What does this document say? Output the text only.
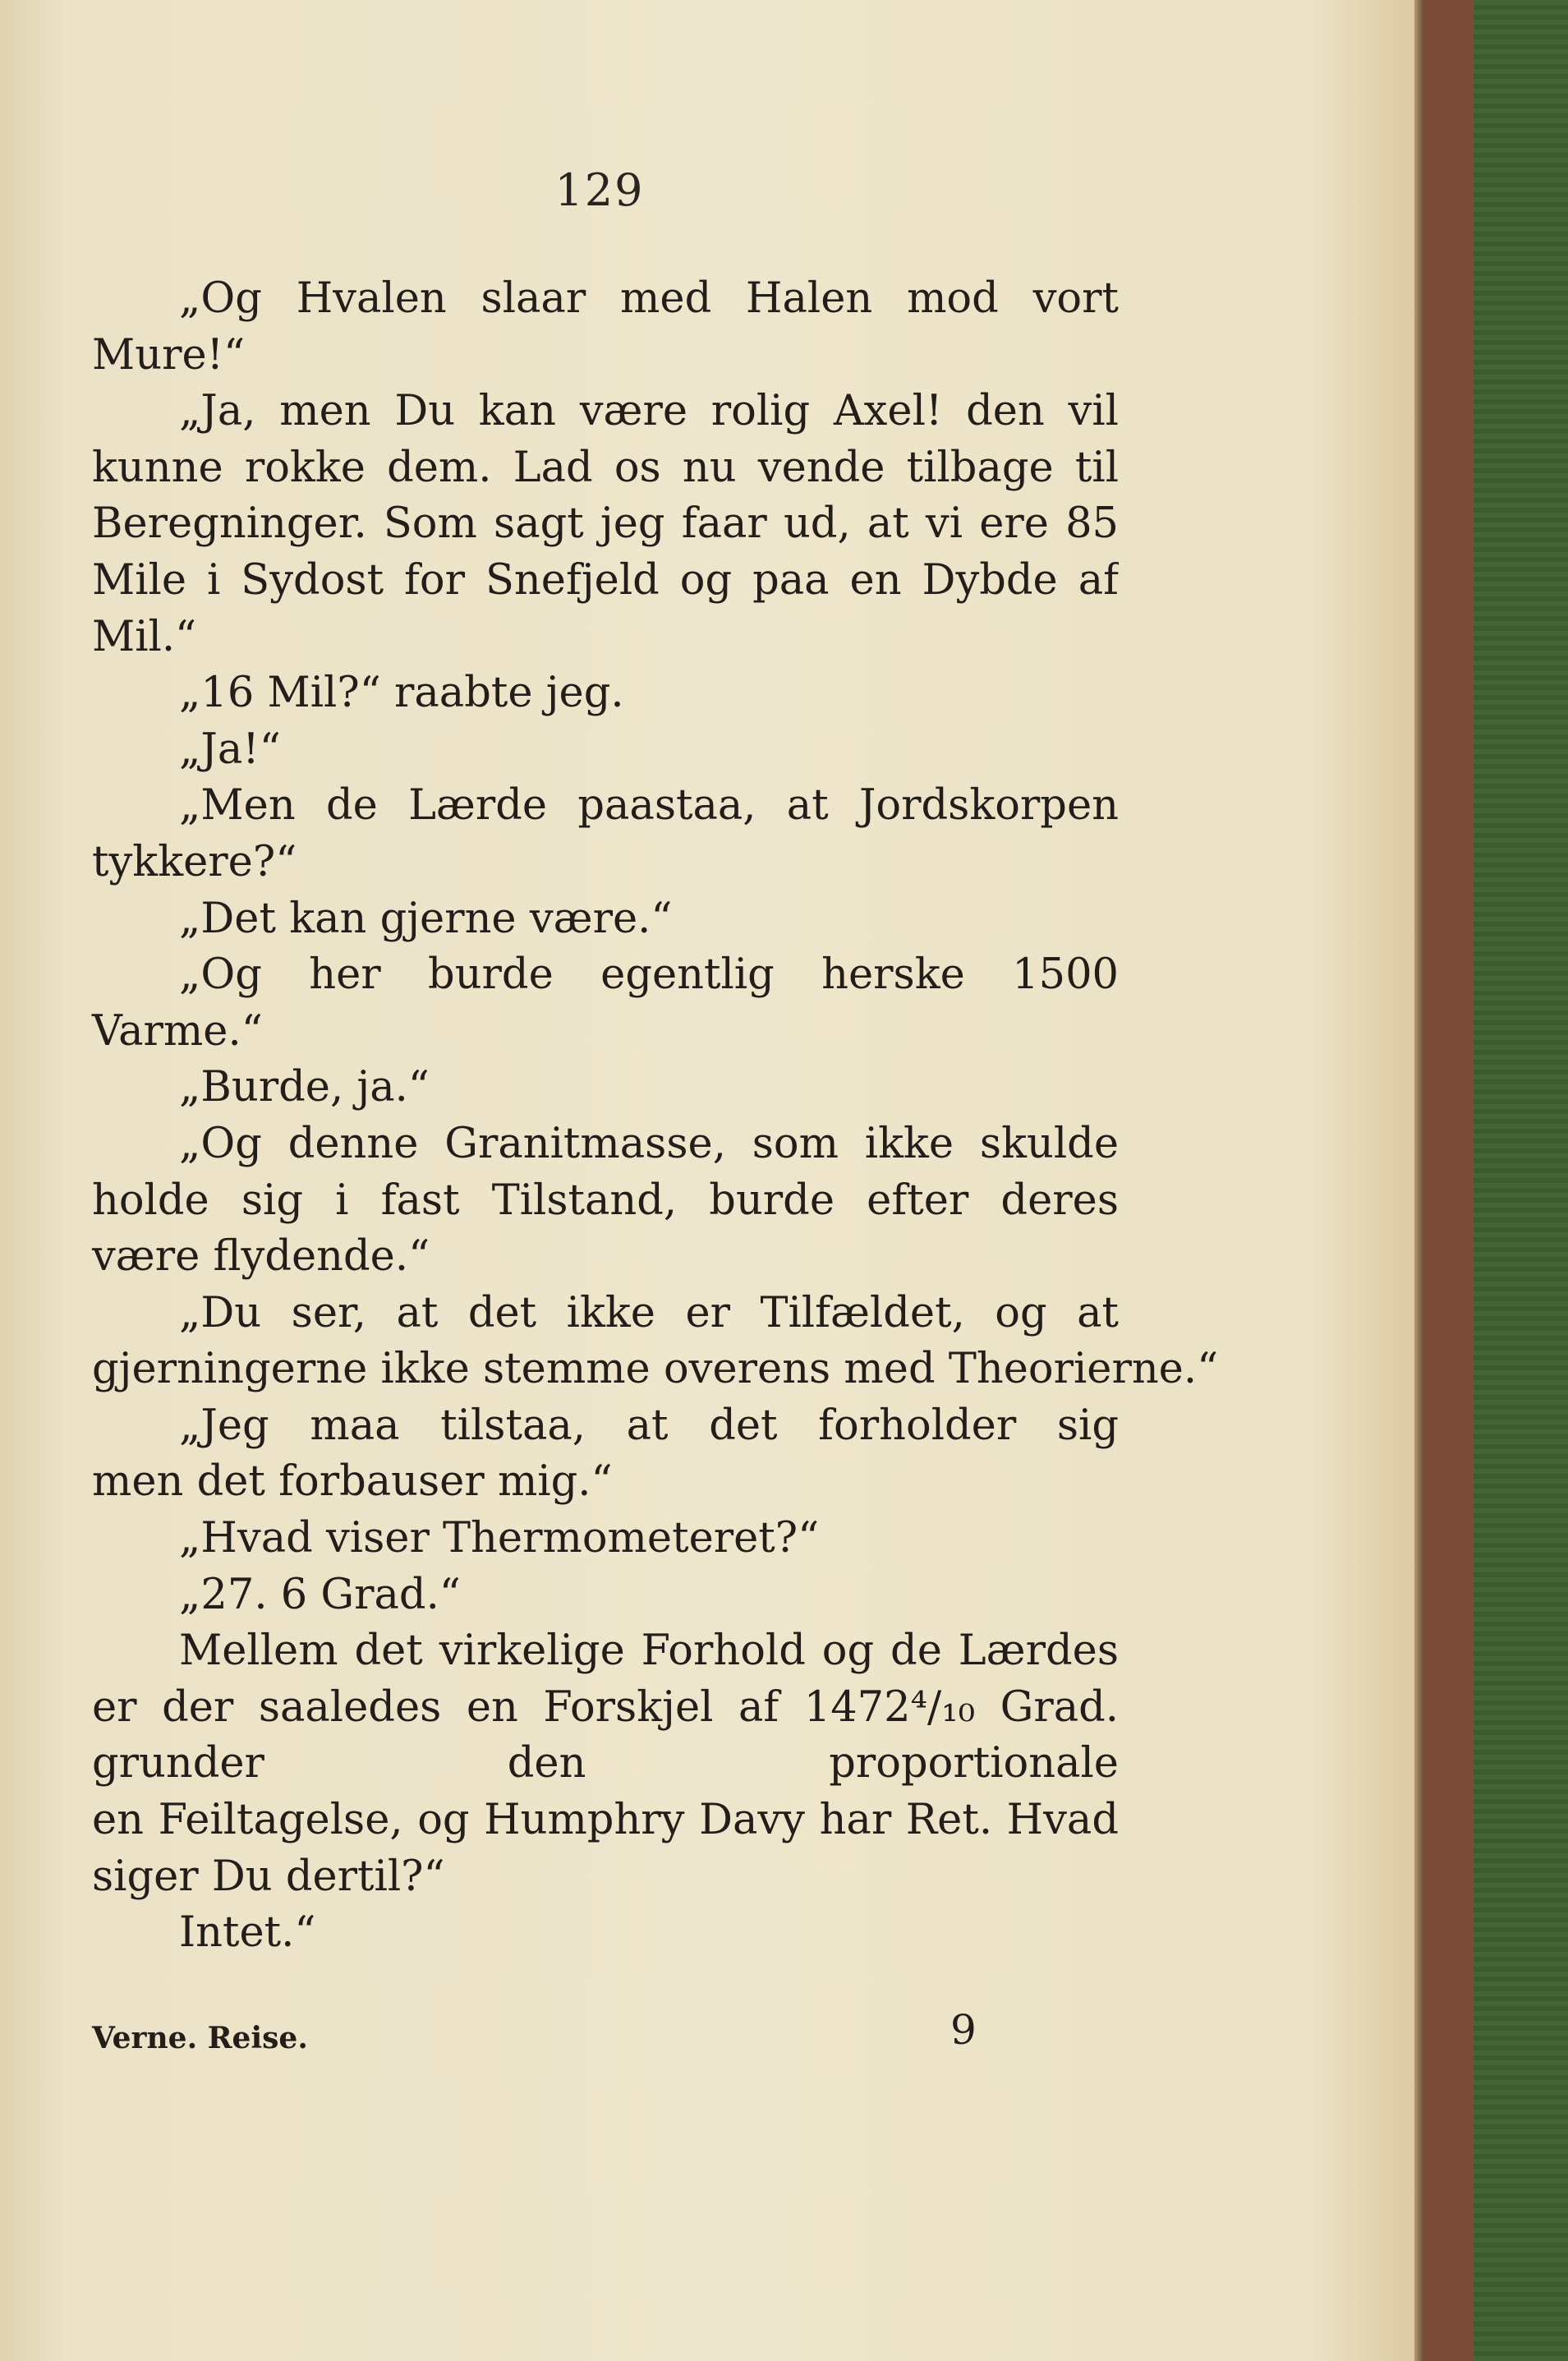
129
„Og Hvalen slaar med Halen mod vort
Mure!“
„Ja, men Du kan være rolig Axel! den vil
kunne rokke dem. Lad os nu vende tilbage til
Beregninger. Som sagt jeg faar ud, at vi ere 85
Mile i Sydost for Snefjeld og paa en Dybde af
Mil.“
„16 Mil?“ raabte jeg.
„Ja!“
„Men de Lærde paastaa, at Jordskorpen
tykkere?“
„Det kan gjerne være.“
„Og her burde egentlig herske 1500
Varme.“
„Burde, ja.“
„Og denne Granitmasse, som ikke skulde
holde sig i fast Tilstand, burde efter deres
være flydende.“
„Du ser, at det ikke er Tilfældet, og at
gjerningerne ikke stemme overens med Theorierne.“
„Jeg maa tilstaa, at det forholder sig
men det forbauser mig.“
„Hvad viser Thermometeret?“
„27. 6 Grad.“
Mellem det virkelige Forhold og de Lærdes
er der saaledes en Forskjel af 1472⁴/₁₀ Grad.
grunder den proportionale
en Feiltagelse, og Humphry Davy har Ret. Hvad
siger Du dertil?“
Intet.“
Verne. Reise.	9
